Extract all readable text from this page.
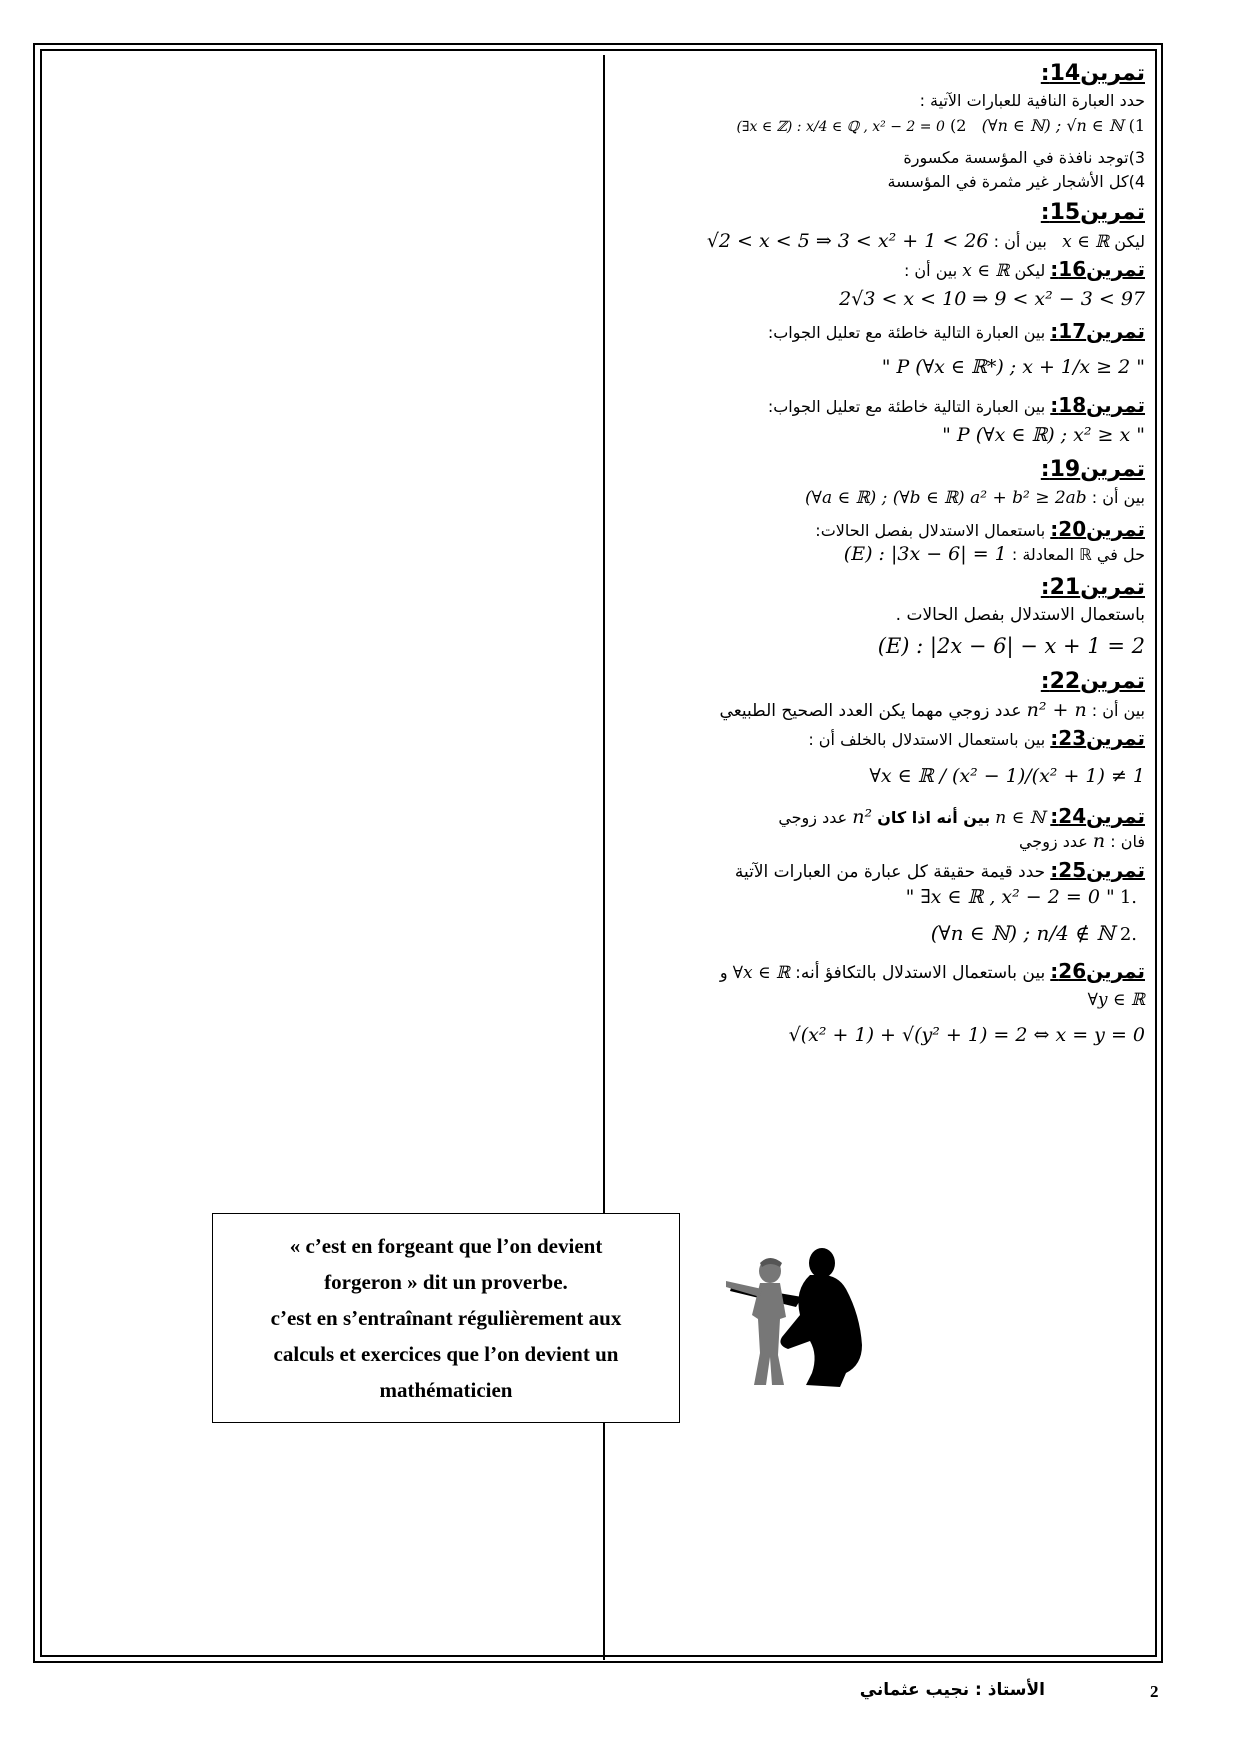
تمرين14:
حدد العبارة النافية للعبارات الآتية :
1) (∀n ∈ ℕ) ; √n ∈ ℕ   2) (∃x ∈ ℤ) : x/4 ∈ ℚ , x² − 2 = 0
3)توجد نافذة في المؤسسة مكسورة
4)كل الأشجار غير مثمرة في المؤسسة
تمرين15:
ليكن x ∈ ℝ   بين أن : √2 < x < 5 ⇒ 3 < x² + 1 < 26
تمرين16: ليكن x ∈ ℝ بين أن :
2√3 < x < 10 ⇒ 9 < x² − 3 < 97
تمرين17: بين العبارة التالية خاطئة مع تعليل الجواب:
" P (∀x ∈ ℝ*) ; x + 1/x ≥ 2 "
تمرين18: بين العبارة التالية خاطئة مع تعليل الجواب:
" P (∀x ∈ ℝ) ; x² ≥ x "
تمرين19:
بين أن : (∀a ∈ ℝ) ; (∀b ∈ ℝ) a² + b² ≥ 2ab
تمرين20: باستعمال الاستدلال بفصل الحالات:
حل في ℝ المعادلة : (E) : |3x − 6| = 1
تمرين21:
باستعمال الاستدلال بفصل الحالات .
(E) : |2x − 6| − x + 1 = 2
تمرين22:
بين أن : n² + n عدد زوجي مهما يكن العدد الصحيح الطبيعي
تمرين23: بين باستعمال الاستدلال بالخلف أن :
∀x ∈ ℝ / (x² − 1)/(x² + 1) ≠ 1
تمرين24: n ∈ ℕ بين أنه اذا كان n² عدد زوجي
فان : n عدد زوجي
تمرين25: حدد قيمة حقيقة كل عبارة من العبارات الآتية
.1 " ∃x ∈ ℝ , x² − 2 = 0 "
.2 (∀n ∈ ℕ) ; n/4 ∉ ℕ
تمرين26: بين باستعمال الاستدلال بالتكافؤ أنه: ∀x ∈ ℝ و
∀y ∈ ℝ
√(x² + 1) + √(y² + 1) = 2 ⇔ x = y = 0
« c’est en forgeant que l’on devient
forgeron » dit un proverbe.
c’est en s’entraînant régulièrement aux
calculs et exercices que l’on devient un
mathématicien
الأستاذ : نجيب عثماني	2
